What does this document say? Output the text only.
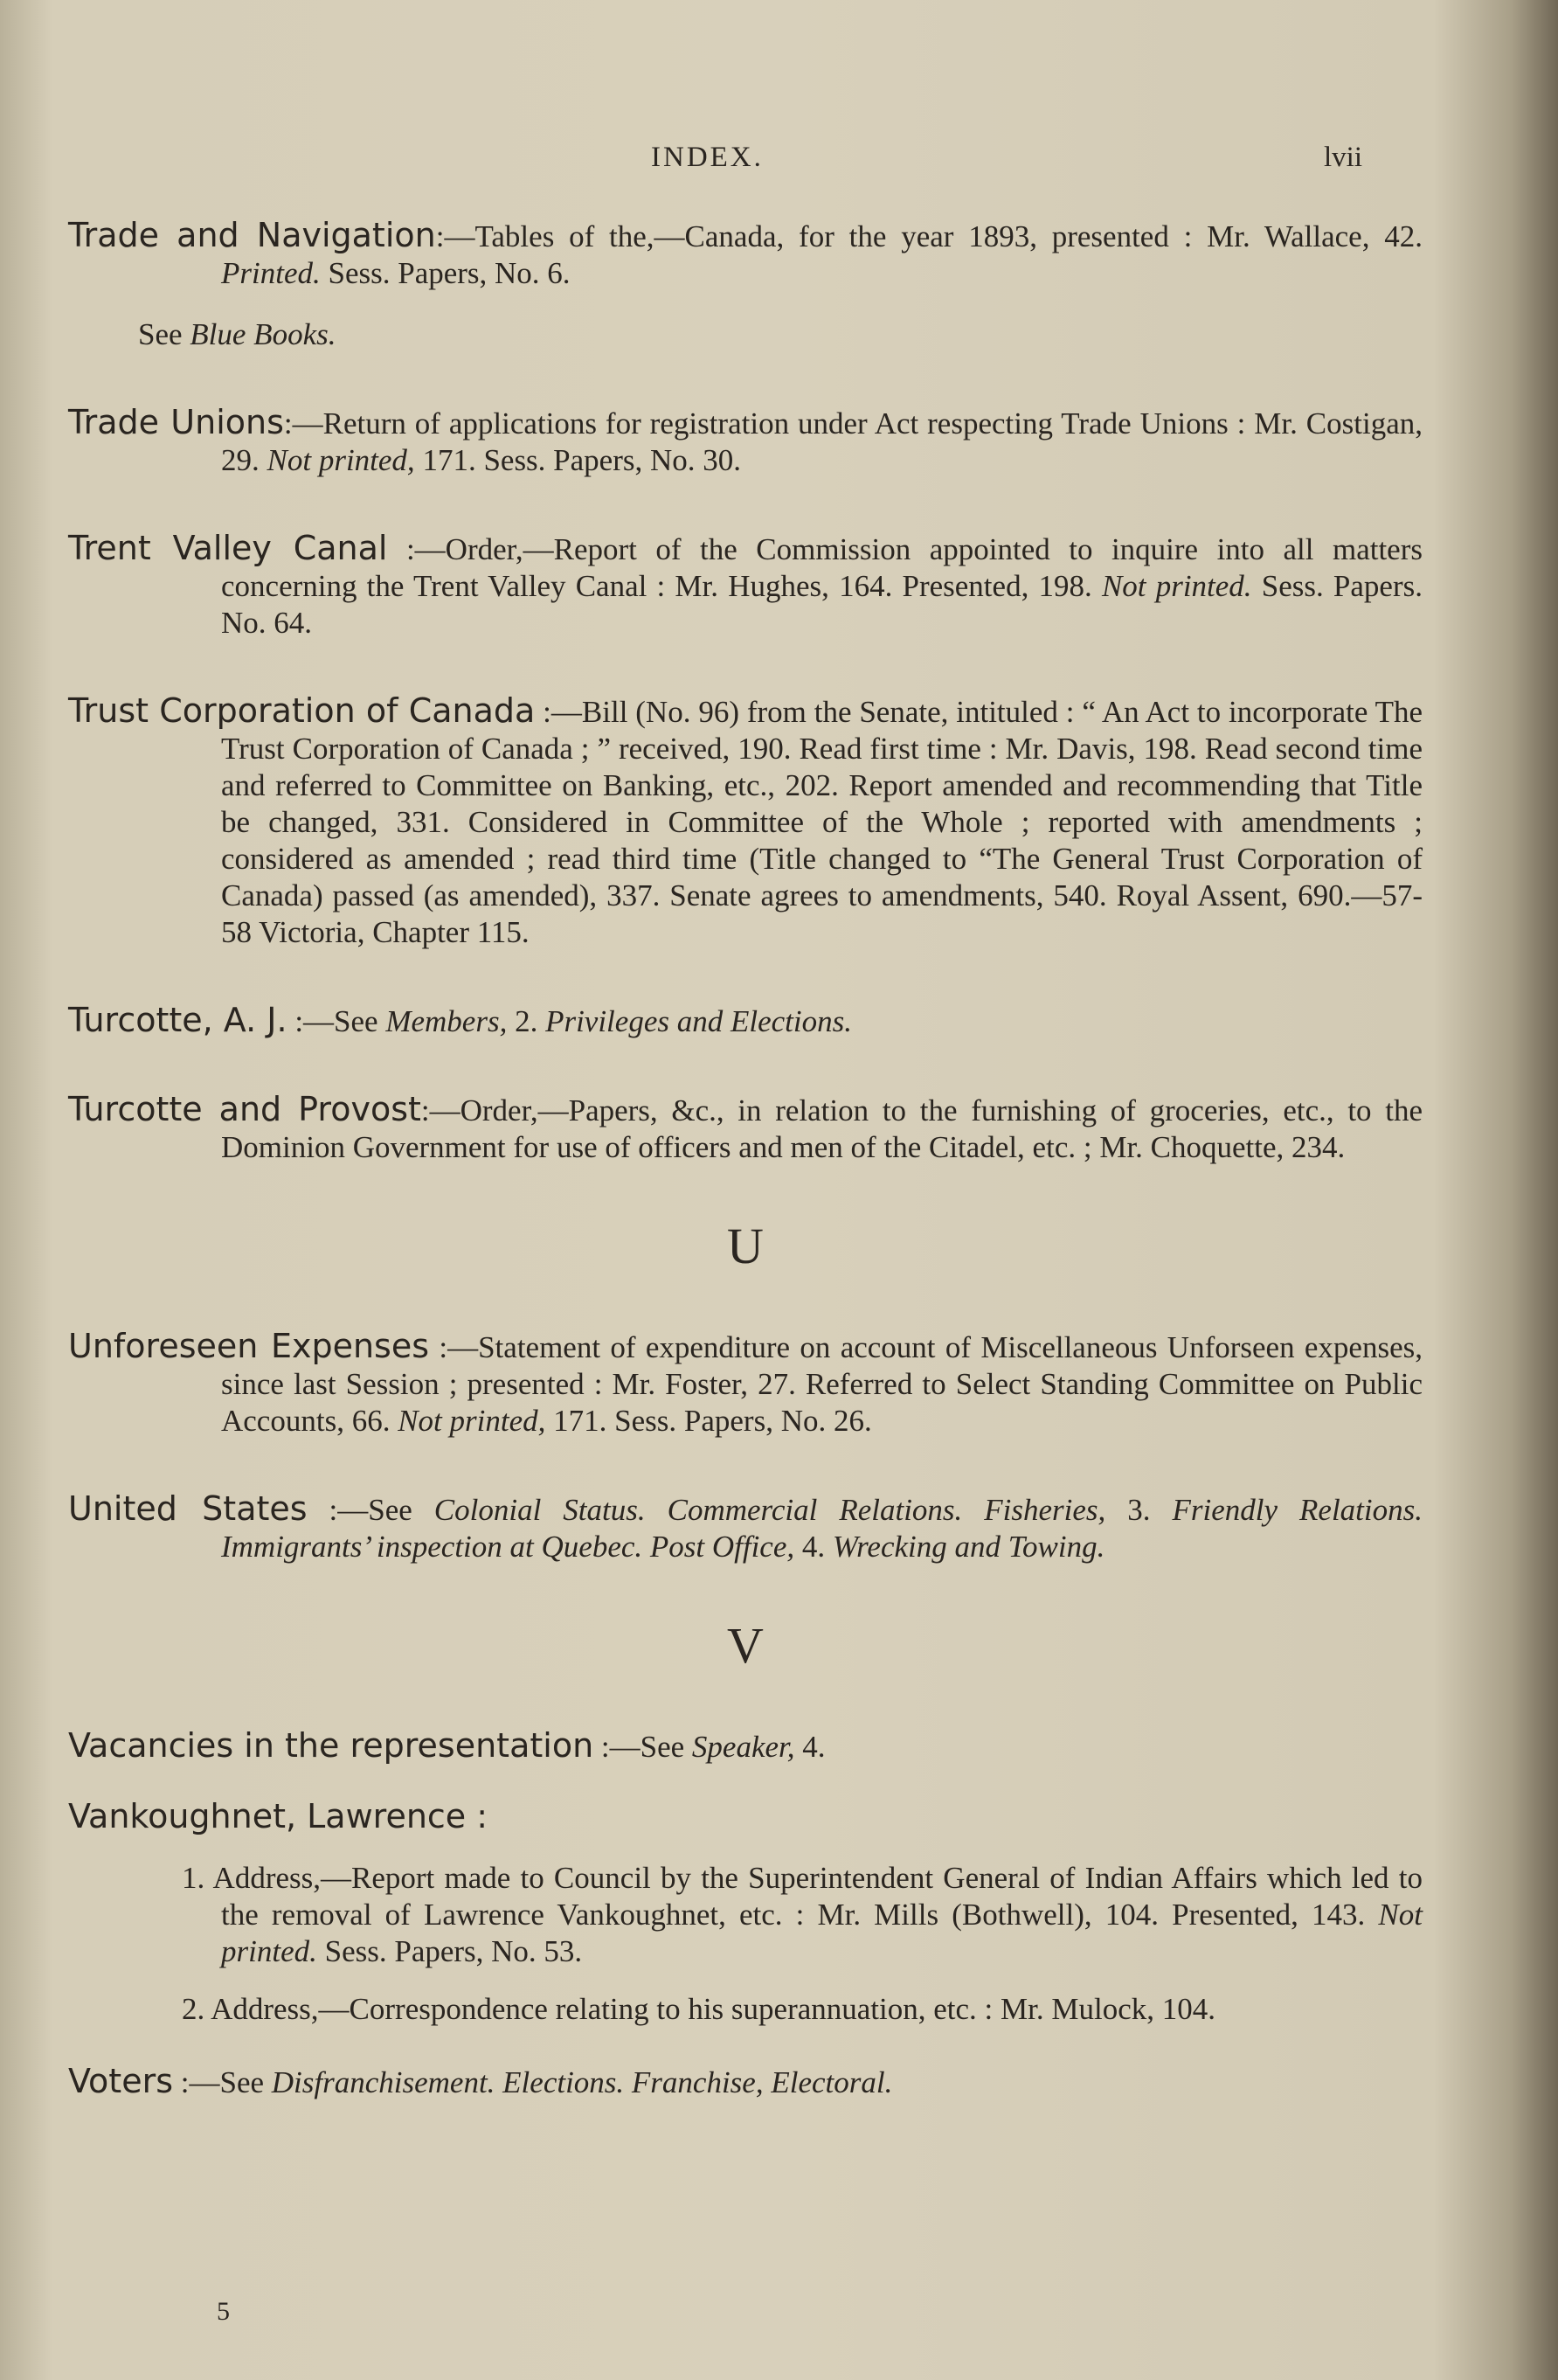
INDEX.	lvii
Trade and Navigation:—Tables of the,—Canada, for the year 1893, presented : Mr. Wallace, 42. Printed. Sess. Papers, No. 6.
See Blue Books.
Trade Unions:—Return of applications for registration under Act respecting Trade Unions : Mr. Costigan, 29. Not printed, 171. Sess. Papers, No. 30.
Trent Valley Canal :—Order,—Report of the Commission appointed to inquire into all matters concerning the Trent Valley Canal : Mr. Hughes, 164. Presented, 198. Not printed. Sess. Papers. No. 64.
Trust Corporation of Canada :—Bill (No. 96) from the Senate, intituled : “ An Act to incorporate The Trust Corporation of Canada ; ” received, 190. Read first time : Mr. Davis, 198. Read second time and referred to Committee on Banking, etc., 202. Report amended and recommending that Title be changed, 331. Considered in Committee of the Whole ; reported with amendments ; considered as amended ; read third time (Title changed to “The General Trust Corporation of Canada) passed (as amended), 337. Senate agrees to amendments, 540. Royal Assent, 690.—57-58 Victoria, Chapter 115.
Turcotte, A. J. :—See Members, 2. Privileges and Elections.
Turcotte and Provost:—Order,—Papers, &c., in relation to the furnishing of groceries, etc., to the Dominion Government for use of officers and men of the Citadel, etc. ; Mr. Choquette, 234.
U
Unforeseen Expenses :—Statement of expenditure on account of Miscellaneous Unforseen expenses, since last Session ; presented : Mr. Foster, 27. Referred to Select Standing Committee on Public Accounts, 66. Not printed, 171. Sess. Papers, No. 26.
United States :—See Colonial Status. Commercial Relations. Fisheries, 3. Friendly Relations. Immigrants’ inspection at Quebec. Post Office, 4. Wrecking and Towing.
V
Vacancies in the representation :—See Speaker, 4.
Vankoughnet, Lawrence :
1. Address,—Report made to Council by the Superintendent General of Indian Affairs which led to the removal of Lawrence Vankoughnet, etc. : Mr. Mills (Bothwell), 104. Presented, 143. Not printed. Sess. Papers, No. 53.
2. Address,—Correspondence relating to his superannuation, etc. : Mr. Mulock, 104.
Voters :—See Disfranchisement. Elections. Franchise, Electoral.
5
